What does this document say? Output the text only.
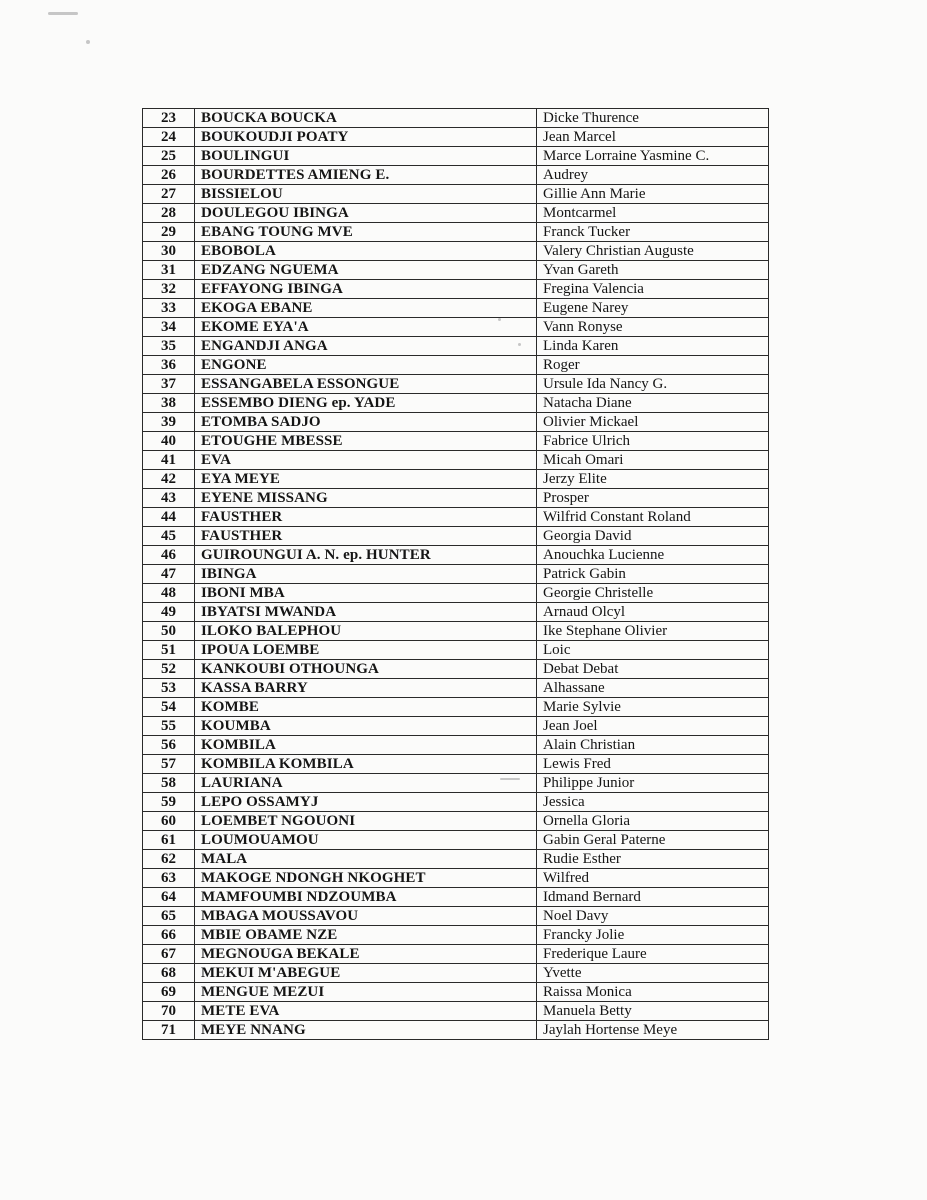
23	BOUCKA BOUCKA	Dicke Thurence
24	BOUKOUDJI POATY	Jean Marcel
25	BOULINGUI	Marce Lorraine Yasmine C.
26	BOURDETTES AMIENG E.	Audrey
27	BISSIELOU	Gillie Ann Marie
28	DOULEGOU IBINGA	Montcarmel
29	EBANG TOUNG MVE	Franck Tucker
30	EBOBOLA	Valery Christian Auguste
31	EDZANG NGUEMA	Yvan Gareth
32	EFFAYONG IBINGA	Fregina Valencia
33	EKOGA EBANE	Eugene Narey
34	EKOME EYA'A	Vann Ronyse
35	ENGANDJI ANGA	Linda Karen
36	ENGONE	Roger
37	ESSANGABELA ESSONGUE	Ursule Ida Nancy G.
38	ESSEMBO DIENG ep. YADE	Natacha Diane
39	ETOMBA SADJO	Olivier Mickael
40	ETOUGHE MBESSE	Fabrice Ulrich
41	EVA	Micah Omari
42	EYA MEYE	Jerzy Elite
43	EYENE MISSANG	Prosper
44	FAUSTHER	Wilfrid Constant Roland
45	FAUSTHER	Georgia David
46	GUIROUNGUI A. N. ep. HUNTER	Anouchka Lucienne
47	IBINGA	Patrick Gabin
48	IBONI MBA	Georgie Christelle
49	IBYATSI MWANDA	Arnaud Olcyl
50	ILOKO BALEPHOU	Ike Stephane Olivier
51	IPOUA LOEMBE	Loic
52	KANKOUBI OTHOUNGA	Debat Debat
53	KASSA BARRY	Alhassane
54	KOMBE	Marie Sylvie
55	KOUMBA	Jean Joel
56	KOMBILA	Alain Christian
57	KOMBILA KOMBILA	Lewis Fred
58	LAURIANA	Philippe Junior
59	LEPO OSSAMYJ	Jessica
60	LOEMBET NGOUONI	Ornella Gloria
61	LOUMOUAMOU	Gabin Geral Paterne
62	MALA	Rudie Esther
63	MAKOGE NDONGH NKOGHET	Wilfred
64	MAMFOUMBI NDZOUMBA	Idmand Bernard
65	MBAGA MOUSSAVOU	Noel Davy
66	MBIE OBAME NZE	Francky Jolie
67	MEGNOUGA BEKALE	Frederique Laure
68	MEKUI M'ABEGUE	Yvette
69	MENGUE MEZUI	Raissa Monica
70	METE EVA	Manuela Betty
71	MEYE NNANG	Jaylah Hortense Meye
